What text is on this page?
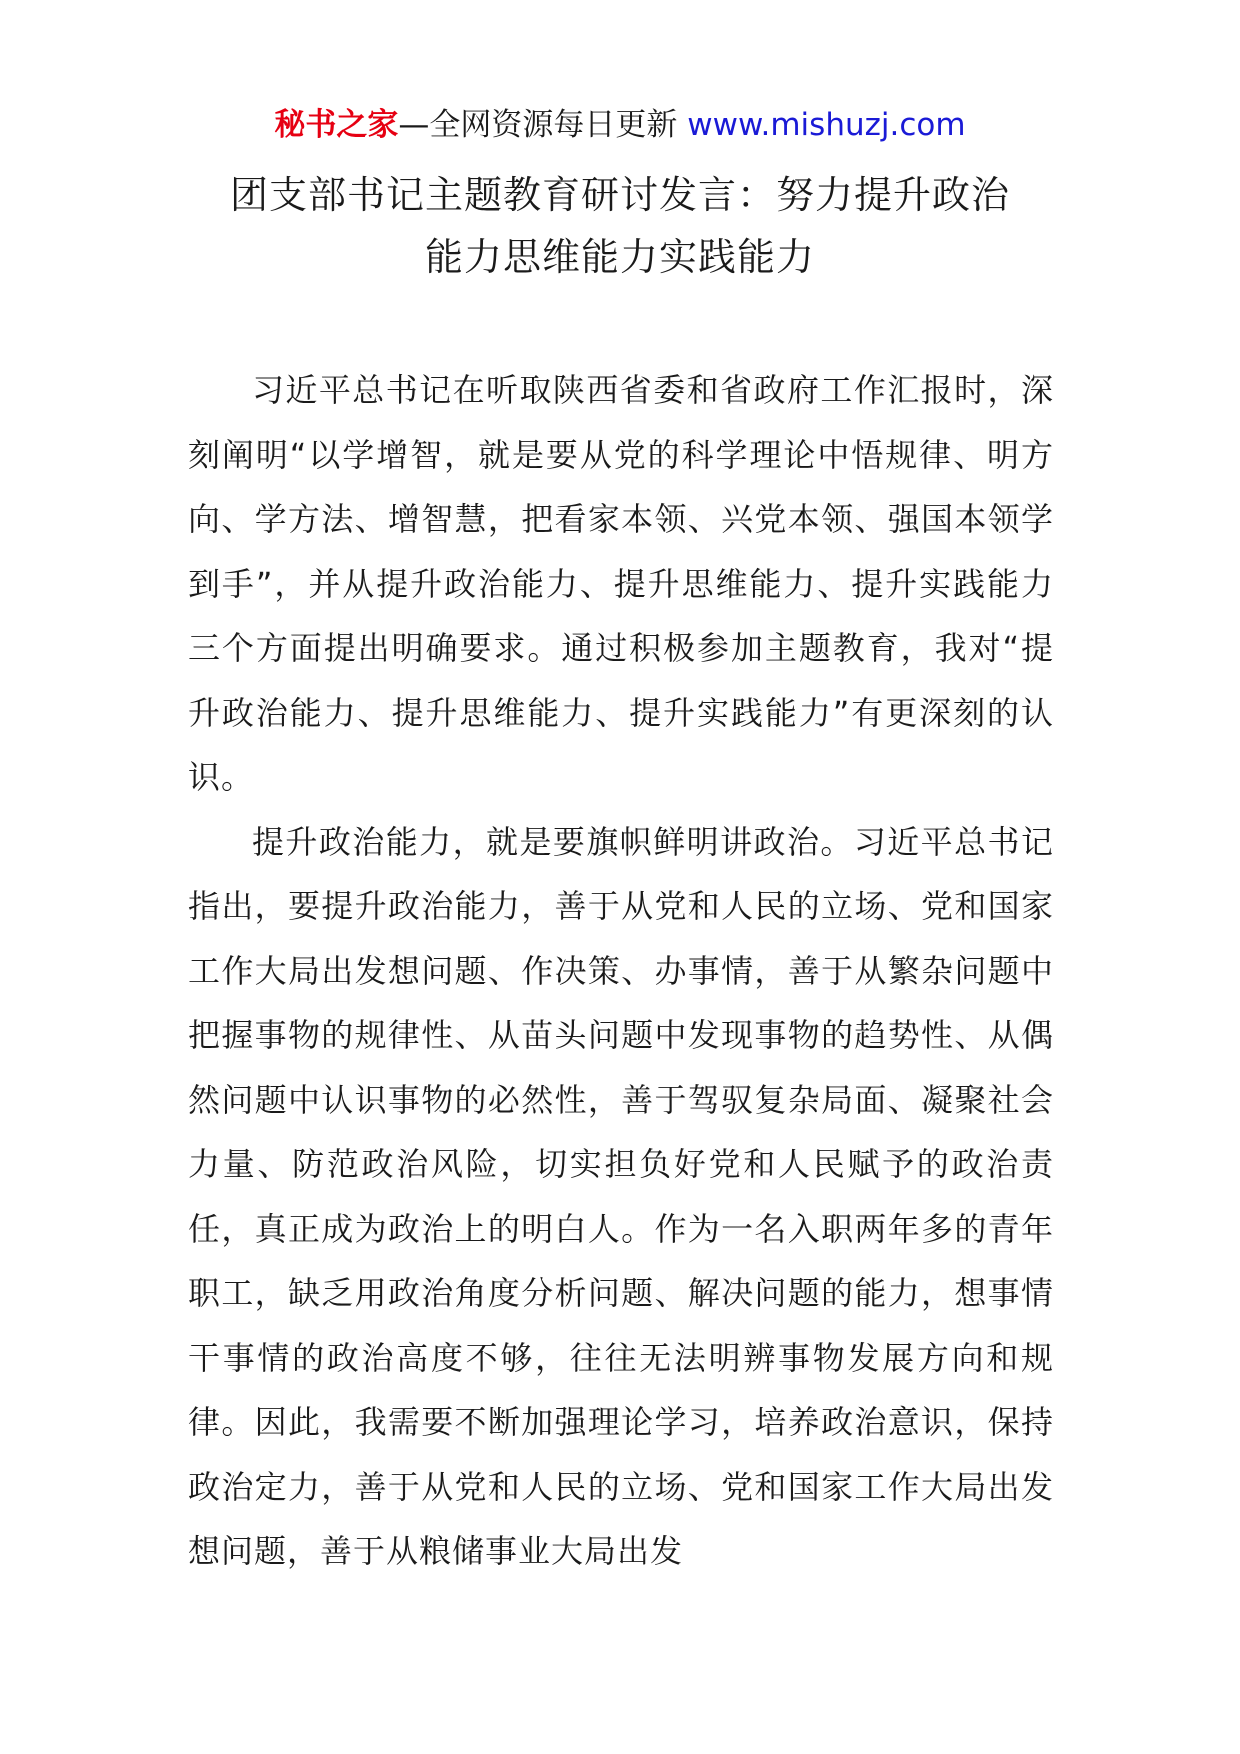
秘书之家—全网资源每日更新 www.mishuzj.com
团支部书记主题教育研讨发言：努力提升政治
能力思维能力实践能力

习近平总书记在听取陕西省委和省政府工作汇报时，深刻阐明“以学增智，就是要从党的科学理论中悟规律、明方向、学方法、增智慧，把看家本领、兴党本领、强国本领学到手”，并从提升政治能力、提升思维能力、提升实践能力三个方面提出明确要求。通过积极参加主题教育，我对“提升政治能力、提升思维能力、提升实践能力”有更深刻的认识。

提升政治能力，就是要旗帜鲜明讲政治。习近平总书记指出，要提升政治能力，善于从党和人民的立场、党和国家工作大局出发想问题、作决策、办事情，善于从繁杂问题中把握事物的规律性、从苗头问题中发现事物的趋势性、从偶然问题中认识事物的必然性，善于驾驭复杂局面、凝聚社会力量、防范政治风险，切实担负好党和人民赋予的政治责任，真正成为政治上的明白人。作为一名入职两年多的青年职工，缺乏用政治角度分析问题、解决问题的能力，想事情干事情的政治高度不够，往往无法明辨事物发展方向和规律。因此，我需要不断加强理论学习，培养政治意识，保持政治定力，善于从党和人民的立场、党和国家工作大局出发想问题，善于从粮储事业大局出发
